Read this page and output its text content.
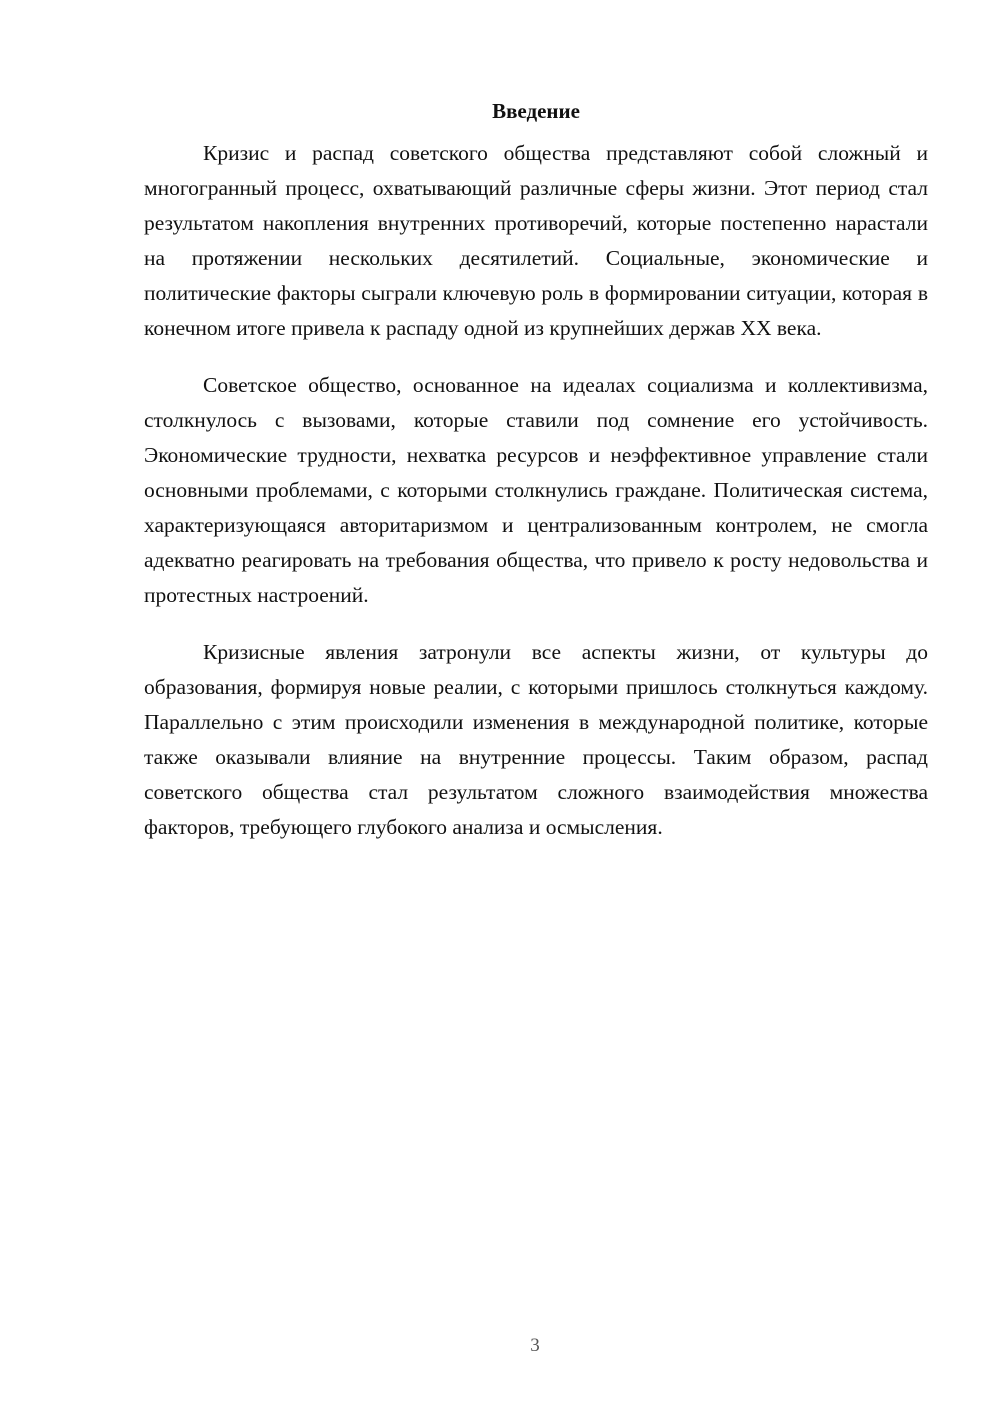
Введение

Кризис и распад советского общества представляют собой сложный и многогранный процесс, охватывающий различные сферы жизни. Этот период стал результатом накопления внутренних противоречий, которые постепенно нарастали на протяжении нескольких десятилетий. Социальные, экономические и политические факторы сыграли ключевую роль в формировании ситуации, которая в конечном итоге привела к распаду одной из крупнейших держав XX века.

Советское общество, основанное на идеалах социализма и коллективизма, столкнулось с вызовами, которые ставили под сомнение его устойчивость. Экономические трудности, нехватка ресурсов и неэффективное управление стали основными проблемами, с которыми столкнулись граждане. Политическая система, характеризующаяся авторитаризмом и централизованным контролем, не смогла адекватно реагировать на требования общества, что привело к росту недовольства и протестных настроений.

Кризисные явления затронули все аспекты жизни, от культуры до образования, формируя новые реалии, с которыми пришлось столкнуться каждому. Параллельно с этим происходили изменения в международной политике, которые также оказывали влияние на внутренние процессы. Таким образом, распад советского общества стал результатом сложного взаимодействия множества факторов, требующего глубокого анализа и осмысления.

3
